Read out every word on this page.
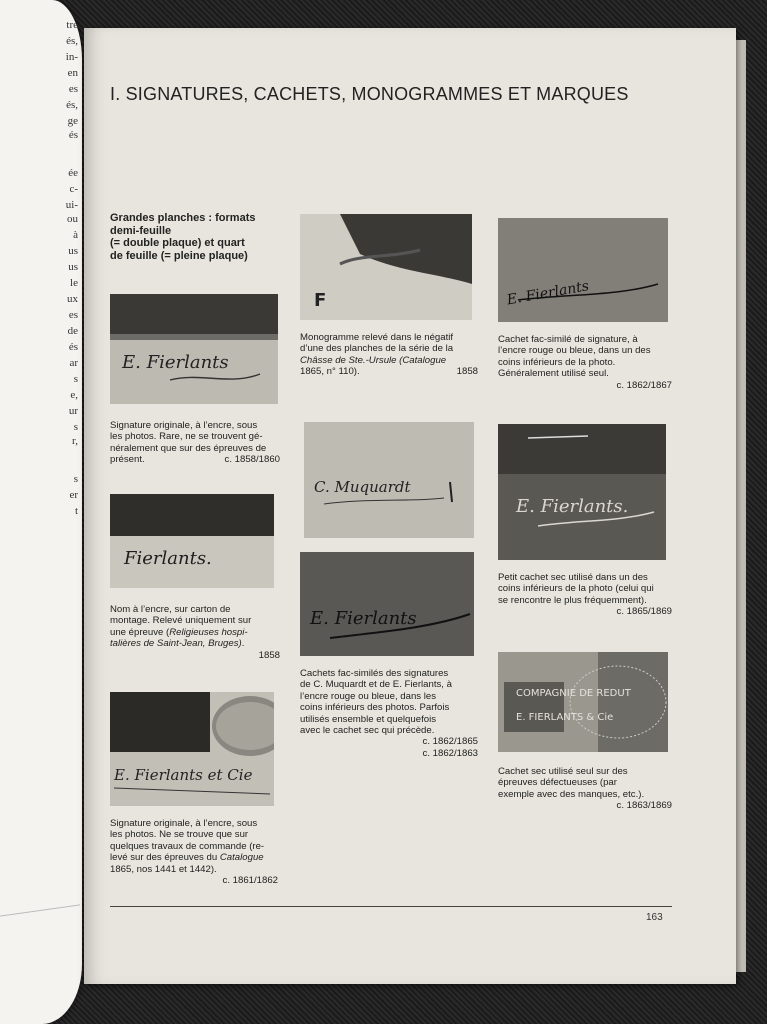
à
tre
és,
in-
en
es
és,
ge
és
ée
c-
ui-
ou
à
us
us
le
ux
es
de
és
ar
s
e,
ur
s
r,
s
er
t
I. SIGNATURES, CACHETS, MONOGRAMMES ET MARQUES
Grandes planches : formats
demi-feuille
(= double plaque) et quart
de feuille (= pleine plaque)
E. Fierlants
Fierlants.
E. Fierlants et Cie
F
C. Muquardt
E. Fierlants
E. Fierlants
E. Fierlants.
COMPAGNIE DE REDUT
E. FIERLANTS & Cie
Signature originale, à l’encre, sous
les photos. Rare, ne se trouvent gé-
néralement que sur des épreuves de
présent.	c. 1858/1860
Nom à l’encre, sur carton de
montage. Relevé uniquement sur
une épreuve (Religieuses hospi-
talières de Saint-Jean, Bruges).
1858
Signature originale, à l’encre, sous
les photos. Ne se trouve que sur
quelques travaux de commande (re-
levé sur des épreuves du Catalogue
1865, nos 1441 et 1442).
c. 1861/1862
Monogramme relevé dans le négatif
d’une des planches de la série de la
Châsse de Ste.-Ursule (Catalogue
1865, n° 110).	1858
Cachets fac-similés des signatures
de C. Muquardt et de E. Fierlants, à
l’encre rouge ou bleue, dans les
coins inférieurs des photos. Parfois
utilisés ensemble et quelquefois
avec le cachet sec qui précède.
c. 1862/1865
c. 1862/1863
Cachet fac-similé de signature, à
l’encre rouge ou bleue, dans un des
coins inférieurs de la photo.
Généralement utilisé seul.
c. 1862/1867
Petit cachet sec utilisé dans un des
coins inférieurs de la photo (celui qui
se rencontre le plus fréquemment).
c. 1865/1869
Cachet sec utilisé seul sur des
épreuves défectueuses (par
exemple avec des manques, etc.).
c. 1863/1869
163
